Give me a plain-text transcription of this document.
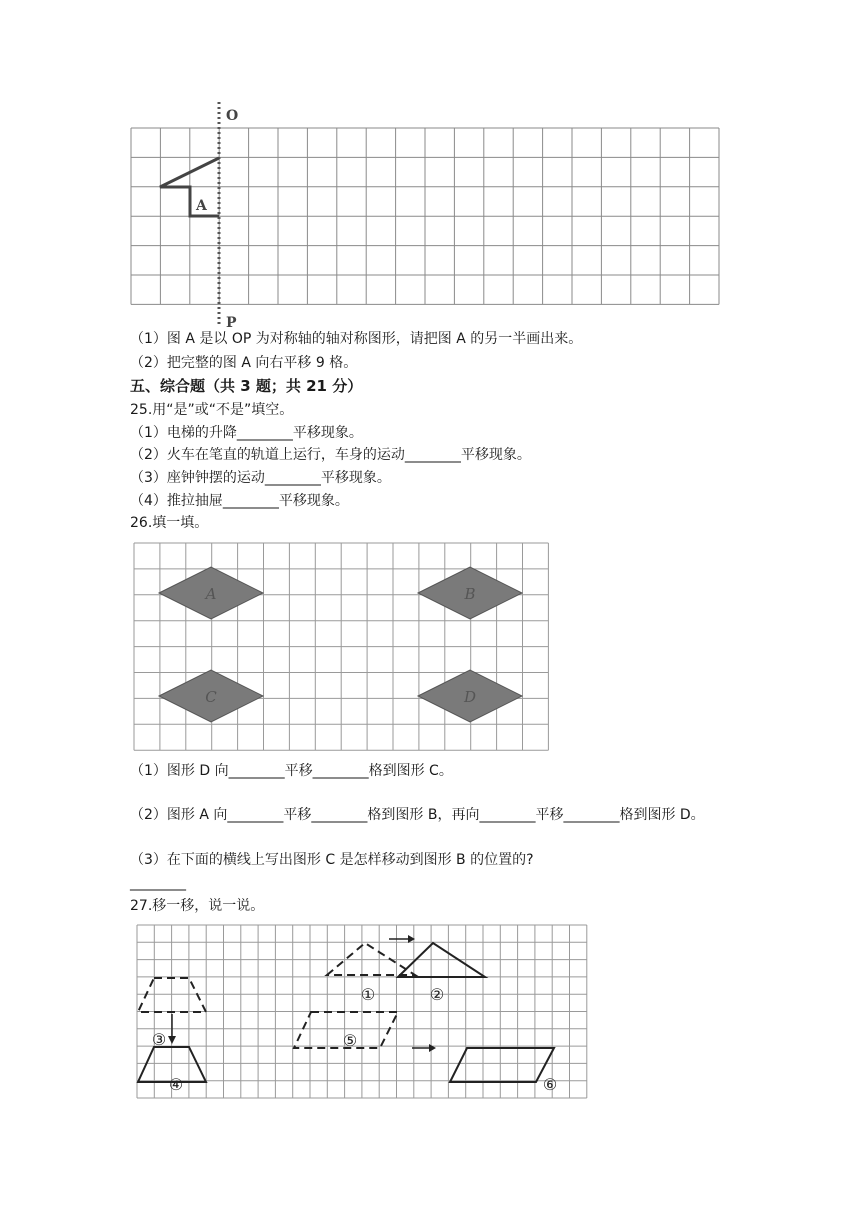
O
P
A
（1）图 A 是以 OP 为对称轴的轴对称图形，请把图 A 的另一半画出来。
（2）把完整的图 A 向右平移 9 格。
五、综合题（共 3 题；共 21 分）
25.用“是”或“不是”填空。
（1）电梯的升降________平移现象。
（2）火车在笔直的轨道上运行，车身的运动________平移现象。
（3）座钟钟摆的运动________平移现象。
（4）推拉抽屉________平移现象。
26.填一填。
A	B
C	D
（1）图形 D 向________平移________格到图形 C。
（2）图形 A 向________平移________格到图形 B，再向________平移________格到图形 D。
（3）在下面的横线上写出图形 C 是怎样移动到图形 B 的位置的?
________
27.移一移，说一说。
①	②
③
④
⑤
⑥
